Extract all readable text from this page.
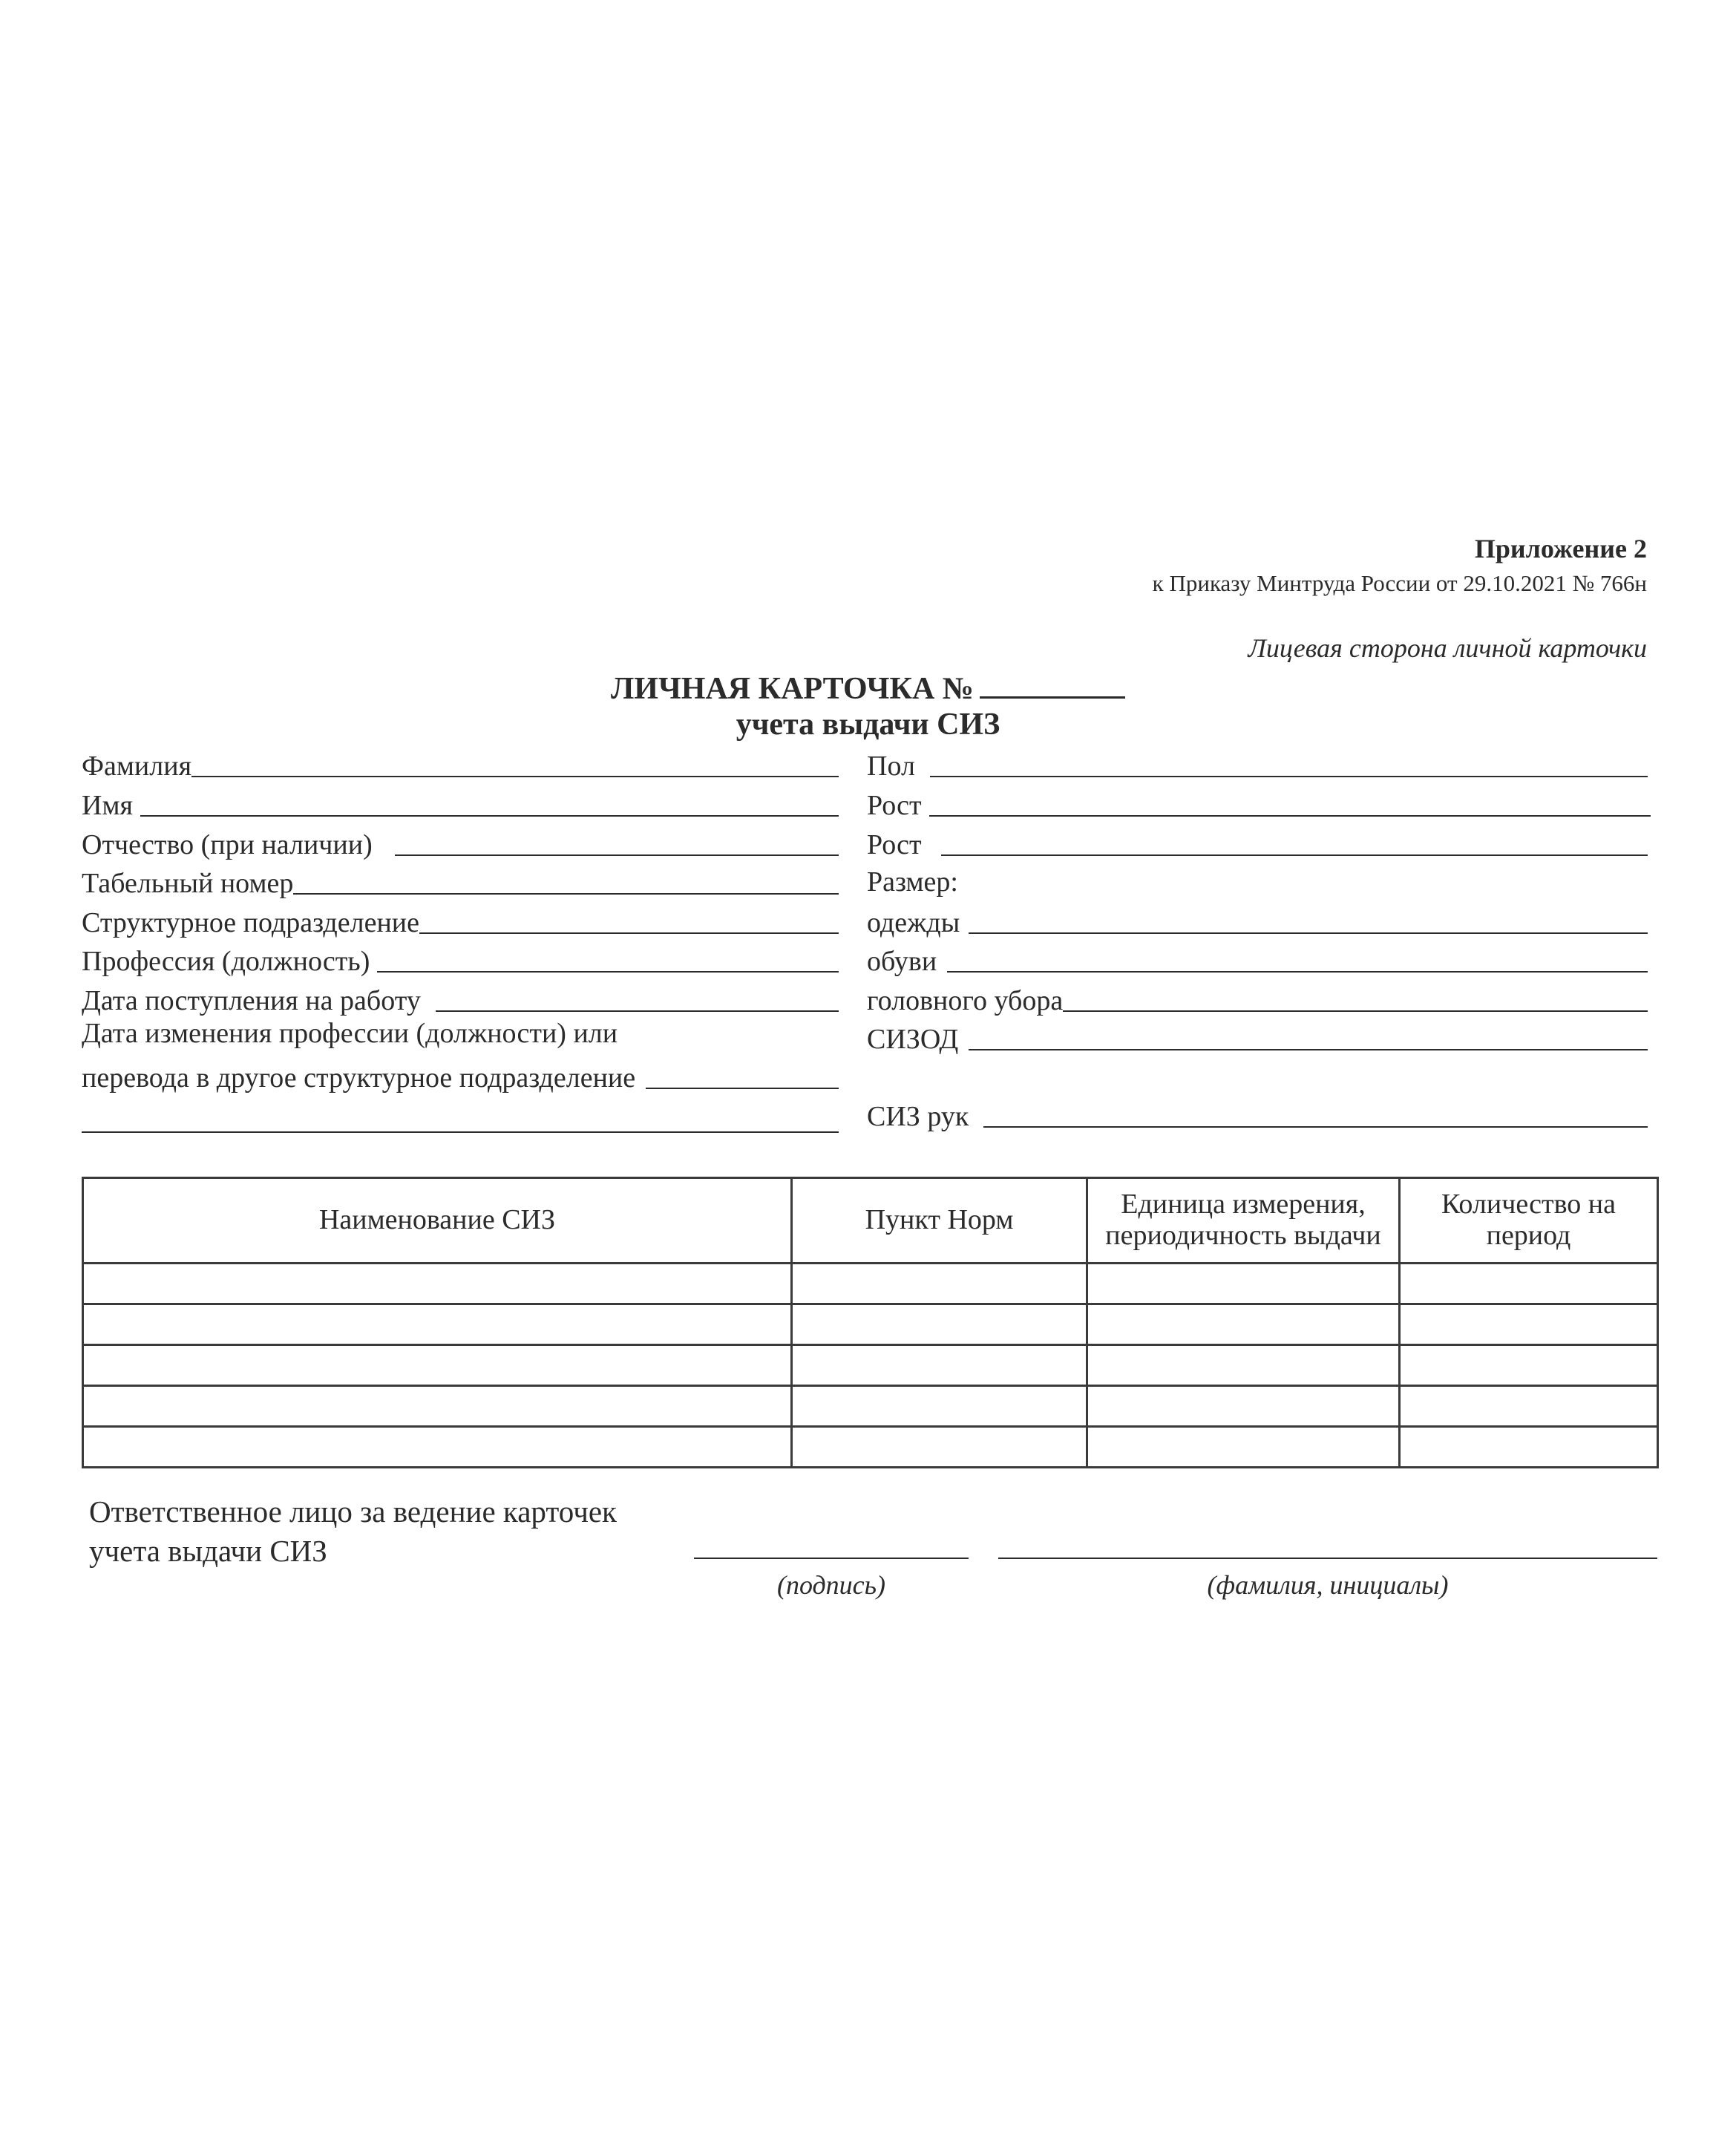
Приложение 2
к Приказу Минтруда России от 29.10.2021 № 766н
Лицевая сторона личной карточки
ЛИЧНАЯ КАРТОЧКА №
учета выдачи СИЗ
Фамилия
Имя
Отчество (при наличии)
Табельный номер
Структурное подразделение
Профессия (должность)
Дата поступления на работу
Дата изменения профессии (должности) или
перевода в другое структурное подразделение
Пол
Рост
Рост
Размер:
одежды
обуви
головного убора
СИЗОД
СИЗ рук
Наименование СИЗ	Пункт Норм	Единица измерения, периодичность выдачи	Количество на период

Ответственное лицо за ведение карточек
учета выдачи СИЗ
(подпись)	(фамилия, инициалы)
